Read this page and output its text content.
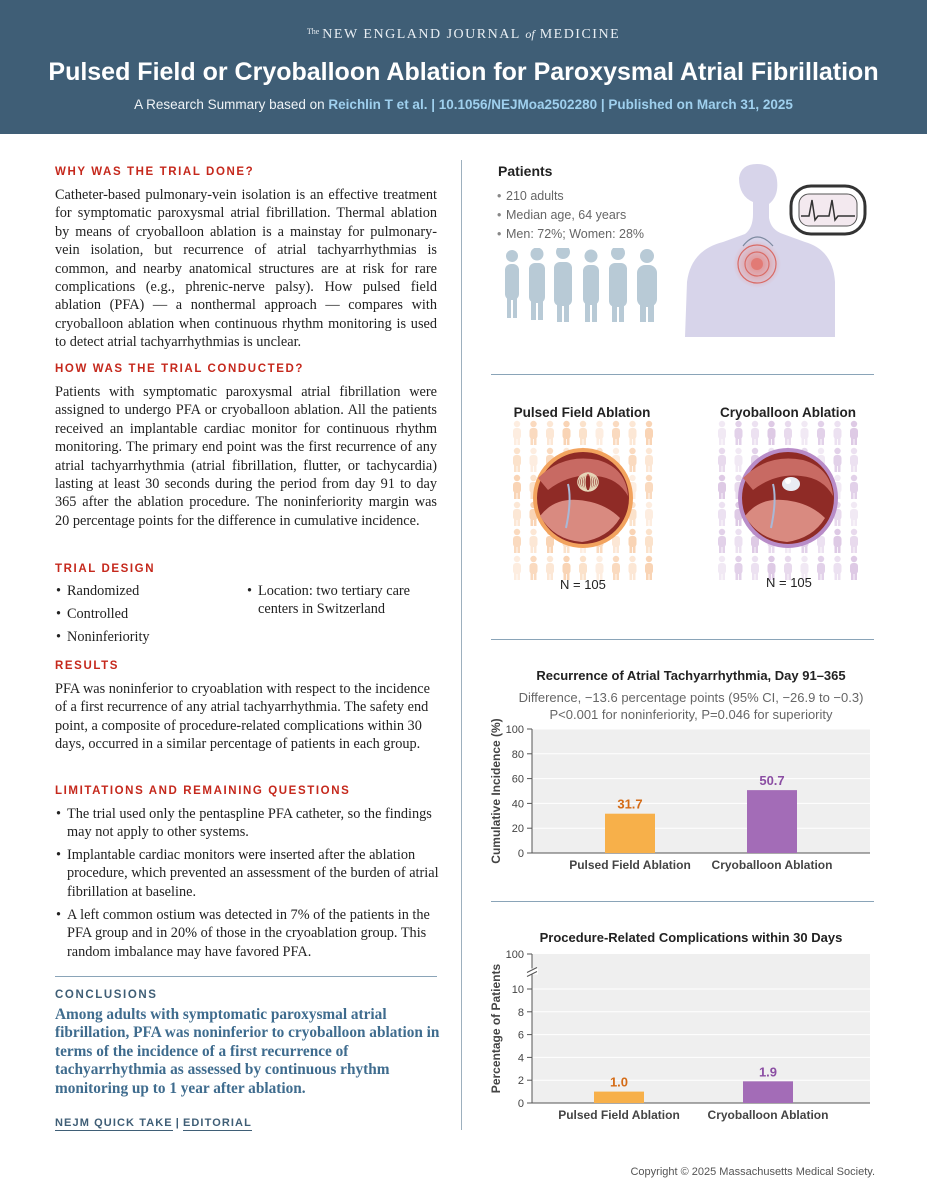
$^{The}$ NEW ENGLAND JOURNAL of MEDICINE
Pulsed Field or Cryoballoon Ablation for Paroxysmal Atrial Fibrillation
A Research Summary based on Reichlin T et al. | 10.1056/NEJMoa2502280 | Published on March 31, 2025
WHY WAS THE TRIAL DONE?
Catheter-based pulmonary-vein isolation is an effective treatment for symptomatic paroxysmal atrial fibrillation. Thermal ablation by means of cryoballoon ablation is a mainstay for pulmonary-vein isolation, but recurrence of atrial tachyarrhythmias is common, and nearby anatomical structures are at risk for rare complications (e.g., phrenic-nerve palsy). How pulsed field ablation (PFA) — a nonthermal approach — compares with cryoballoon ablation when continuous rhythm monitoring is used to detect atrial tachyarrhythmias is unclear.
HOW WAS THE TRIAL CONDUCTED?
Patients with symptomatic paroxysmal atrial fibrillation were assigned to undergo PFA or cryoballoon ablation. All the patients received an implantable cardiac monitor for continuous rhythm monitoring. The primary end point was the first recurrence of any atrial tachyarrhythmia (atrial fibrillation, flutter, or tachycardia) lasting at least 30 seconds during the period from day 91 to day 365 after the ablation procedure. The noninferiority margin was 20 percentage points for the difference in cumulative incidence.
TRIAL DESIGN
• Randomized
• Controlled
• Noninferiority
• Location: two tertiary care centers in Switzerland
RESULTS
PFA was noninferior to cryoablation with respect to the incidence of a first recurrence of any atrial tachyarrhythmia. The safety end point, a composite of procedure-related complications within 30 days, occurred in a similar percentage of patients in each group.
LIMITATIONS AND REMAINING QUESTIONS
• The trial used only the pentaspline PFA catheter, so the findings may not apply to other systems.
• Implantable cardiac monitors were inserted after the ablation procedure, which prevented an assessment of the burden of atrial fibrillation at baseline.
• A left common ostium was detected in 7% of the patients in the PFA group and in 20% of those in the cryoablation group. This random imbalance may have favored PFA.
CONCLUSIONS
Among adults with symptomatic paroxysmal atrial fibrillation, PFA was noninferior to cryoballoon ablation in terms of the incidence of a first recurrence of tachyarrhythmia as assessed by continuous rhythm monitoring up to 1 year after ablation.
NEJM QUICK TAKE | EDITORIAL
Patients
• 210 adults
• Median age, 64 years
• Men: 72%; Women: 28%
Pulsed Field Ablation	Cryoballoon Ablation
N = 105	N = 105
Recurrence of Atrial Tachyarrhythmia, Day 91–365
Difference, −13.6 percentage points (95% CI, −26.9 to −0.3)
P<0.001 for noninferiority, P=0.046 for superiority
0
20
40
60
80
100
31.7
Pulsed Field Ablation
50.7
Cryoballoon Ablation
Cumulative Incidence (%)
Procedure-Related Complications within 30 Days
0
2
4
6
8
10
100
1.0
Pulsed Field Ablation
1.9
Cryoballoon Ablation
Percentage of Patients
Copyright © 2025 Massachusetts Medical Society.
